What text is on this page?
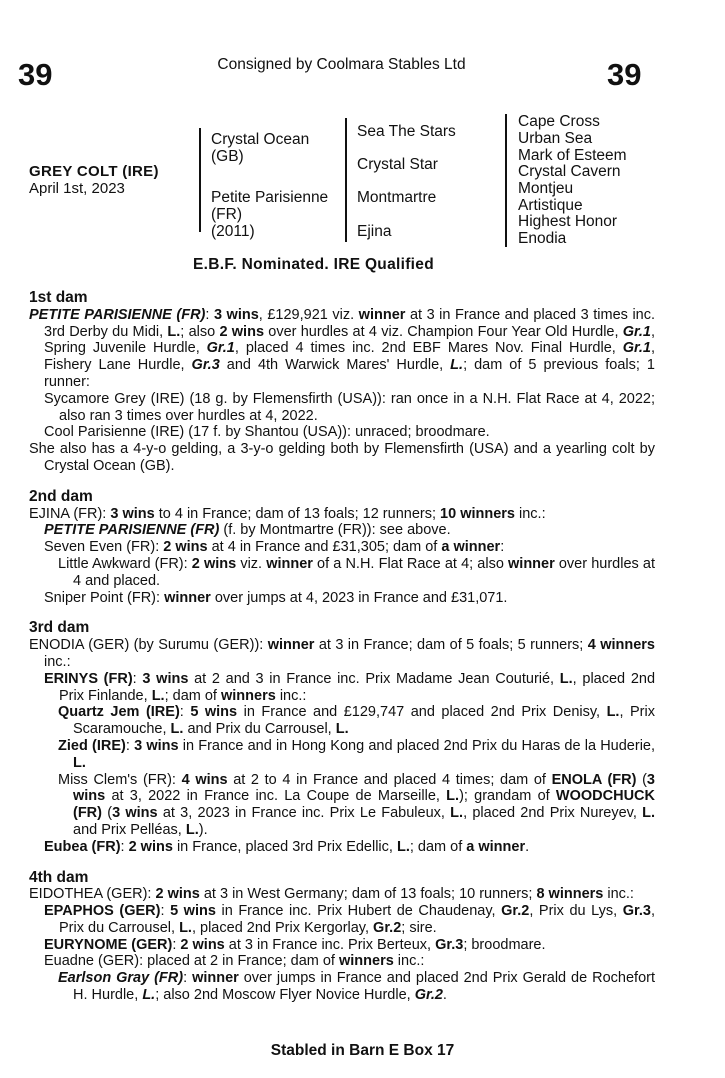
39	Consigned by Coolmara Stables Ltd	39
GREY COLT (IRE)
April 1st, 2023
Crystal Ocean
(GB)
Petite Parisienne
(FR)
(2011)
Sea The Stars
Crystal Star
Montmartre
Ejina
Cape Cross
Urban Sea
Mark of Esteem
Crystal Cavern
Montjeu
Artistique
Highest Honor
Enodia
E.B.F. Nominated. IRE Qualified
1st dam
PETITE PARISIENNE (FR): 3 wins, £129,921 viz. winner at 3 in France and placed 3 times inc. 3rd Derby du Midi, L.; also 2 wins over hurdles at 4 viz. Champion Four Year Old Hurdle, Gr.1, Spring Juvenile Hurdle, Gr.1, placed 4 times inc. 2nd EBF Mares Nov. Final Hurdle, Gr.1, Fishery Lane Hurdle, Gr.3 and 4th Warwick Mares' Hurdle, L.; dam of 5 previous foals; 1 runner:
Sycamore Grey (IRE) (18 g. by Flemensfirth (USA)): ran once in a N.H. Flat Race at 4, 2022; also ran 3 times over hurdles at 4, 2022.
Cool Parisienne (IRE) (17 f. by Shantou (USA)): unraced; broodmare.
She also has a 4-y-o gelding, a 3-y-o gelding both by Flemensfirth (USA) and a yearling colt by Crystal Ocean (GB).
2nd dam
EJINA (FR): 3 wins to 4 in France; dam of 13 foals; 12 runners; 10 winners inc.:
PETITE PARISIENNE (FR) (f. by Montmartre (FR)): see above.
Seven Even (FR): 2 wins at 4 in France and £31,305; dam of a winner:
Little Awkward (FR): 2 wins viz. winner of a N.H. Flat Race at 4; also winner over hurdles at 4 and placed.
Sniper Point (FR): winner over jumps at 4, 2023 in France and £31,071.
3rd dam
ENODIA (GER) (by Surumu (GER)): winner at 3 in France; dam of 5 foals; 5 runners; 4 winners inc.:
ERINYS (FR): 3 wins at 2 and 3 in France inc. Prix Madame Jean Couturié, L., placed 2nd Prix Finlande, L.; dam of winners inc.:
Quartz Jem (IRE): 5 wins in France and £129,747 and placed 2nd Prix Denisy, L., Prix Scaramouche, L. and Prix du Carrousel, L.
Zied (IRE): 3 wins in France and in Hong Kong and placed 2nd Prix du Haras de la Huderie, L.
Miss Clem's (FR): 4 wins at 2 to 4 in France and placed 4 times; dam of ENOLA (FR) (3 wins at 3, 2022 in France inc. La Coupe de Marseille, L.); grandam of WOODCHUCK (FR) (3 wins at 3, 2023 in France inc. Prix Le Fabuleux, L., placed 2nd Prix Nureyev, L. and Prix Pelléas, L.).
Eubea (FR): 2 wins in France, placed 3rd Prix Edellic, L.; dam of a winner.
4th dam
EIDOTHEA (GER): 2 wins at 3 in West Germany; dam of 13 foals; 10 runners; 8 winners inc.:
EPAPHOS (GER): 5 wins in France inc. Prix Hubert de Chaudenay, Gr.2, Prix du Lys, Gr.3, Prix du Carrousel, L., placed 2nd Prix Kergorlay, Gr.2; sire.
EURYNOME (GER): 2 wins at 3 in France inc. Prix Berteux, Gr.3; broodmare.
Euadne (GER): placed at 2 in France; dam of winners inc.:
Earlson Gray (FR): winner over jumps in France and placed 2nd Prix Gerald de Rochefort H. Hurdle, L.; also 2nd Moscow Flyer Novice Hurdle, Gr.2.
Stabled in Barn E Box 17
